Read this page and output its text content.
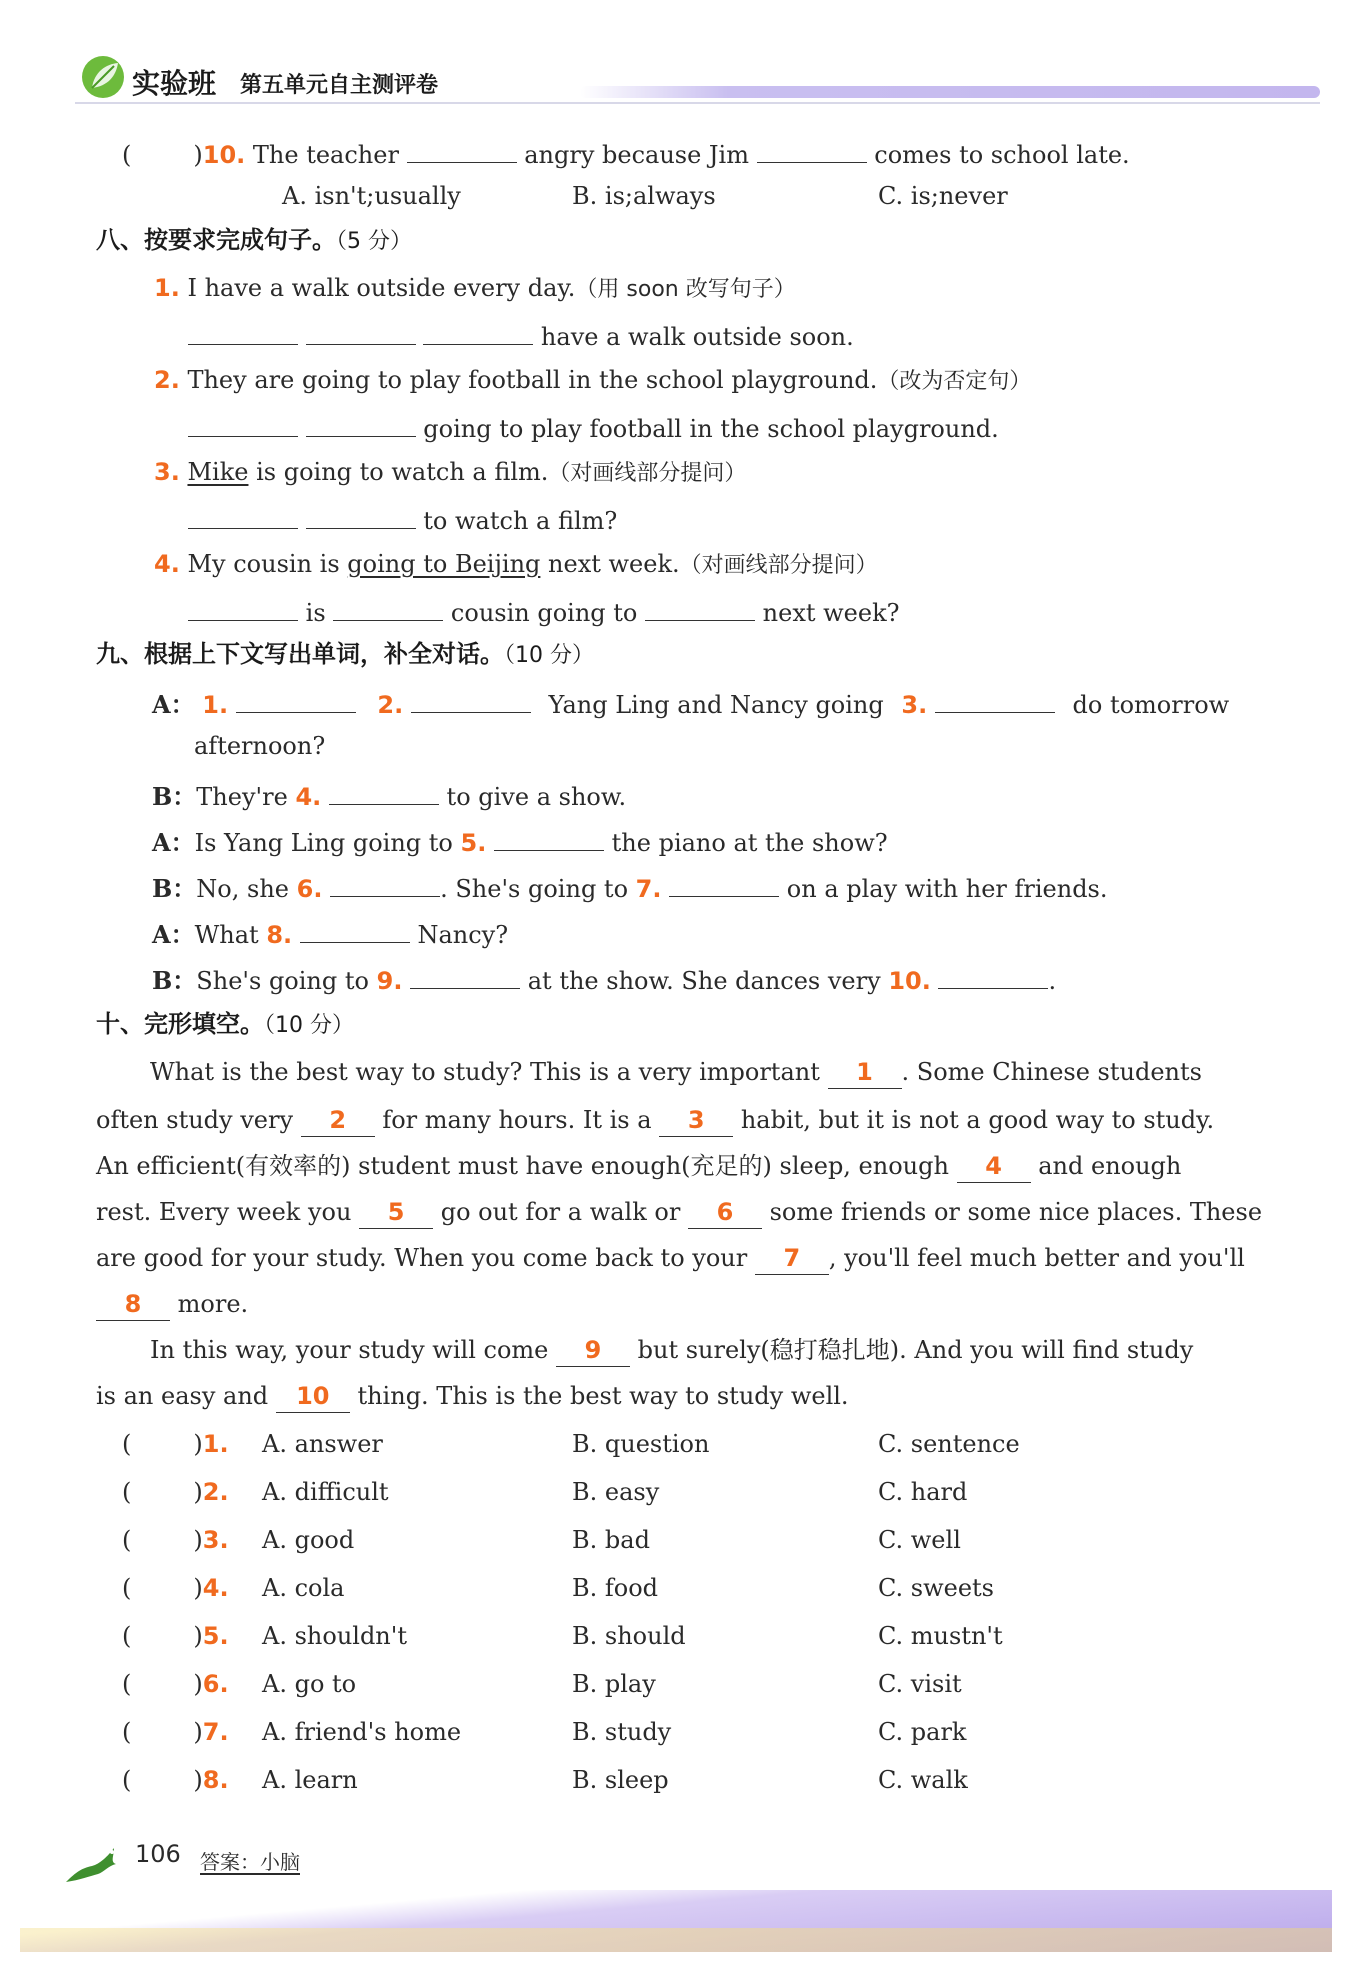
实验班 第五单元自主测评卷
(	)10. The teacher	angry because Jim	comes to school late.
A. isn't;usually	B. is;always	C. is;never
八、按要求完成句子。（5 分）
1. I have a walk outside every day.（用 soon 改写句子）
have a walk outside soon.
2. They are going to play football in the school playground.（改为否定句）
going to play football in the school playground.
3. Mike is going to watch a film.（对画线部分提问）
to watch a film?
4. My cousin is going to Beijing next week.（对画线部分提问）
is	cousin going to	next week?
九、根据上下文写出单词，补全对话。（10 分）
A： 1.	2.	Yang Ling and Nancy going 3.	do tomorrow
afternoon?
B：They're 4.	to give a show.
A：Is Yang Ling going to 5.	the piano at the show?
B：No, she 6.	. She's going to 7.	on a play with her friends.
A：What 8.	Nancy?
B：She's going to 9.	at the show. She dances very 10.	.
十、完形填空。（10 分）
What is the best way to study? This is a very important 1 . Some Chinese students
often study very 2 for many hours. It is a 3 habit, but it is not a good way to study.
An efficient(有效率的) student must have enough(充足的) sleep, enough 4 and enough
rest. Every week you 5 go out for a walk or 6 some friends or some nice places. These
are good for your study. When you come back to your 7 , you'll feel much better and you'll
8 more.
In this way, your study will come 9 but surely(稳打稳扎地). And you will find study
is an easy and 10 thing. This is the best way to study well.
(	)1. A. answer	B. question	C. sentence
(	)2. A. difficult	B. easy	C. hard
(	)3. A. good	B. bad	C. well
(	)4. A. cola	B. food	C. sweets
(	)5. A. shouldn't	B. should	C. mustn't
(	)6. A. go to	B. play	C. visit
(	)7. A. friend's home	B. study	C. park
(	)8. A. learn	B. sleep	C. walk
106 答案：小脑
